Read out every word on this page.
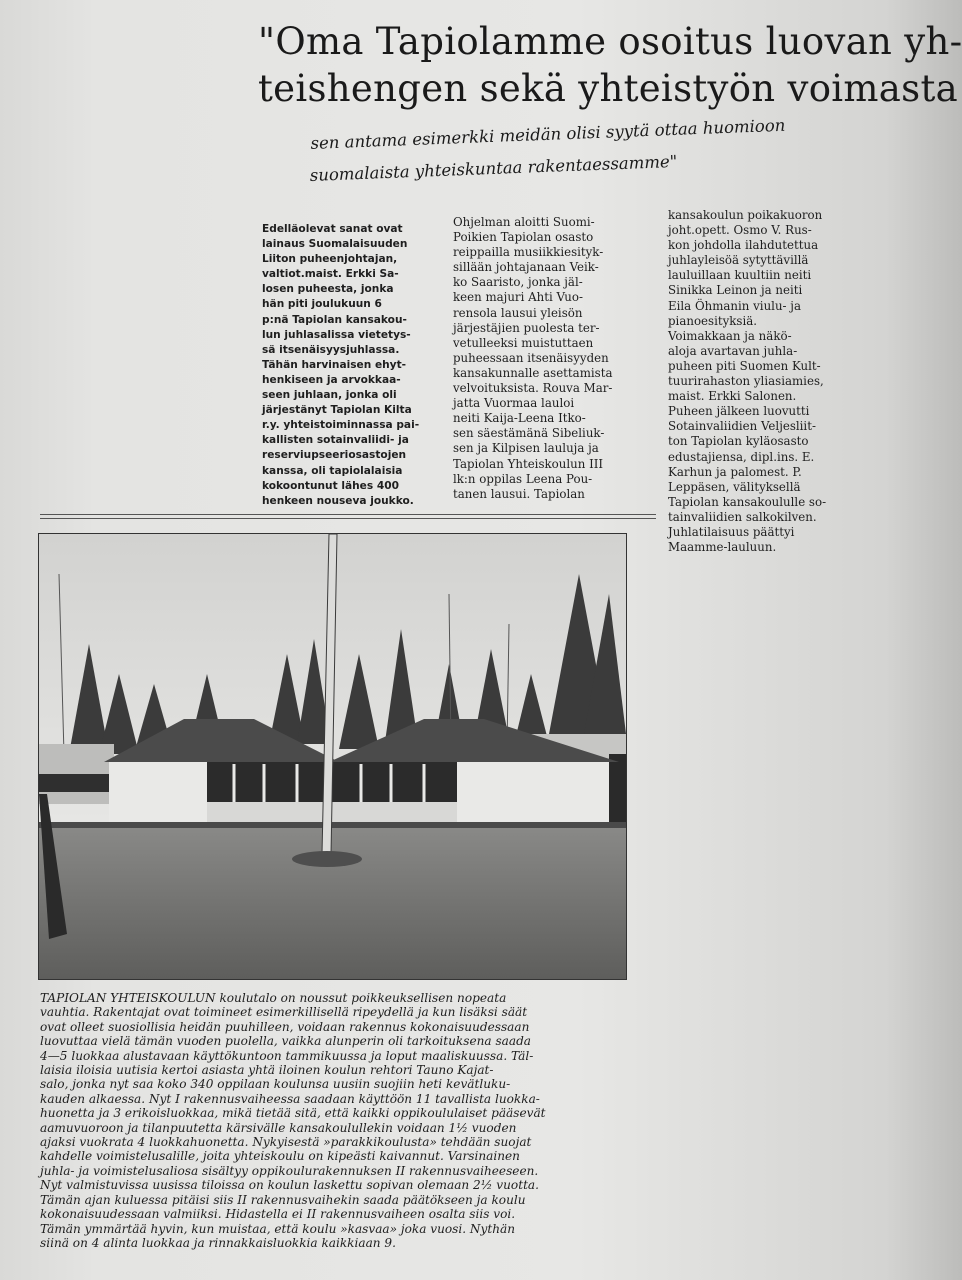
"Oma Tapiolamme osoitus luovan yh-
teishengen sekä yhteistyön voimasta
sen antama esimerkki meidän olisi syytä ottaa huomioon
suomalaista yhteiskuntaa rakentaessamme"
Edelläolevat sanat ovat
lainaus Suomalaisuuden
Liiton puheenjohtajan,
valtiot.maist. Erkki Sa-
losen puheesta, jonka
hän piti joulukuun 6
p:nä Tapiolan kansakou-
lun juhlasalissa vietetys-
sä itsenäisyysjuhlassa.
Tähän harvinaisen ehyt-
henkiseen ja arvokkaa-
seen juhlaan, jonka oli
järjestänyt Tapiolan Kilta
r.y. yhteistoiminnassa pai-
kallisten sotainvaliidi- ja
reserviupseeriosastojen
kanssa, oli tapiolalaisia
kokoontunut lähes 400
henkeen nouseva joukko.
Ohjelman aloitti Suomi-
Poikien Tapiolan osasto
reippailla musiikkiesityk-
sillään johtajanaan Veik-
ko Saaristo, jonka jäl-
keen majuri Ahti Vuo-
rensola lausui yleisön
järjestäjien puolesta ter-
vetulleeksi muistuttaen
puheessaan itsenäisyyden
kansakunnalle asettamista
velvoituksista. Rouva Mar-
jatta Vuormaa lauloi
neiti Kaija-Leena Itko-
sen säestämänä Sibeliuk-
sen ja Kilpisen lauluja ja
Tapiolan Yhteiskoulun III
lk:n oppilas Leena Pou-
tanen lausui. Tapiolan
kansakoulun poikakuoron
joht.opett. Osmo V. Rus-
kon johdolla ilahdutettua
juhlayleisöä sytyttävillä
lauluillaan kuultiin neiti
Sinikka Leinon ja neiti
Eila Öhmanin viulu- ja
pianoesityksiä.
Voimakkaan ja näkö-
aloja avartavan juhla-
puheen piti Suomen Kult-
tuurirahaston yliasiamies,
maist. Erkki Salonen.
Puheen jälkeen luovutti
Sotainvaliidien Veljesliit-
ton Tapiolan kyläosasto
edustajiensa, dipl.ins. E.
Karhun ja palomest. P.
Leppäsen, välityksellä
Tapiolan kansakoululle so-
tainvaliidien salkokilven.
Juhlatilaisuus päättyi
Maamme-lauluun.
TAPIOLAN YHTEISKOULUN koulutalo on noussut poikkeuksellisen nopeata
vauhtia. Rakentajat ovat toimineet esimerkillisellä ripeydellä ja kun lisäksi säät
ovat olleet suosiollisia heidän puuhilleen, voidaan rakennus kokonaisuudessaan
luovuttaa vielä tämän vuoden puolella, vaikka alunperin oli tarkoituksena saada
4—5 luokkaa alustavaan käyttökuntoon tammikuussa ja loput maaliskuussa. Täl-
laisia iloisia uutisia kertoi asiasta yhtä iloinen koulun rehtori Tauno Kajat-
salo, jonka nyt saa koko 340 oppilaan koulunsa uusiin suojiin heti kevätluku-
kauden alkaessa. Nyt I rakennusvaiheessa saadaan käyttöön 11 tavallista luokka-
huonetta ja 3 erikoisluokkaa, mikä tietää sitä, että kaikki oppikoululaiset pääsevät
aamuvuoroon ja tilanpuutetta kärsivälle kansakoulullekin voidaan 1½ vuoden
ajaksi vuokrata 4 luokkahuonetta. Nykyisestä »parakkikoulusta» tehdään suojat
kahdelle voimistelusalille, joita yhteiskoulu on kipeästi kaivannut. Varsinainen
juhla- ja voimistelusaliosa sisältyy oppikoulurakennuksen II rakennusvaiheeseen.
Nyt valmistuvissa uusissa tiloissa on koulun laskettu sopivan olemaan 2½ vuotta.
Tämän ajan kuluessa pitäisi siis II rakennusvaihekin saada päätökseen ja koulu
kokonaisuudessaan valmiiksi. Hidastella ei II rakennusvaiheen osalta siis voi.
Tämän ymmärtää hyvin, kun muistaa, että koulu »kasvaa» joka vuosi. Nythän
siinä on 4 alinta luokkaa ja rinnakkaisluokkia kaikkiaan 9.
